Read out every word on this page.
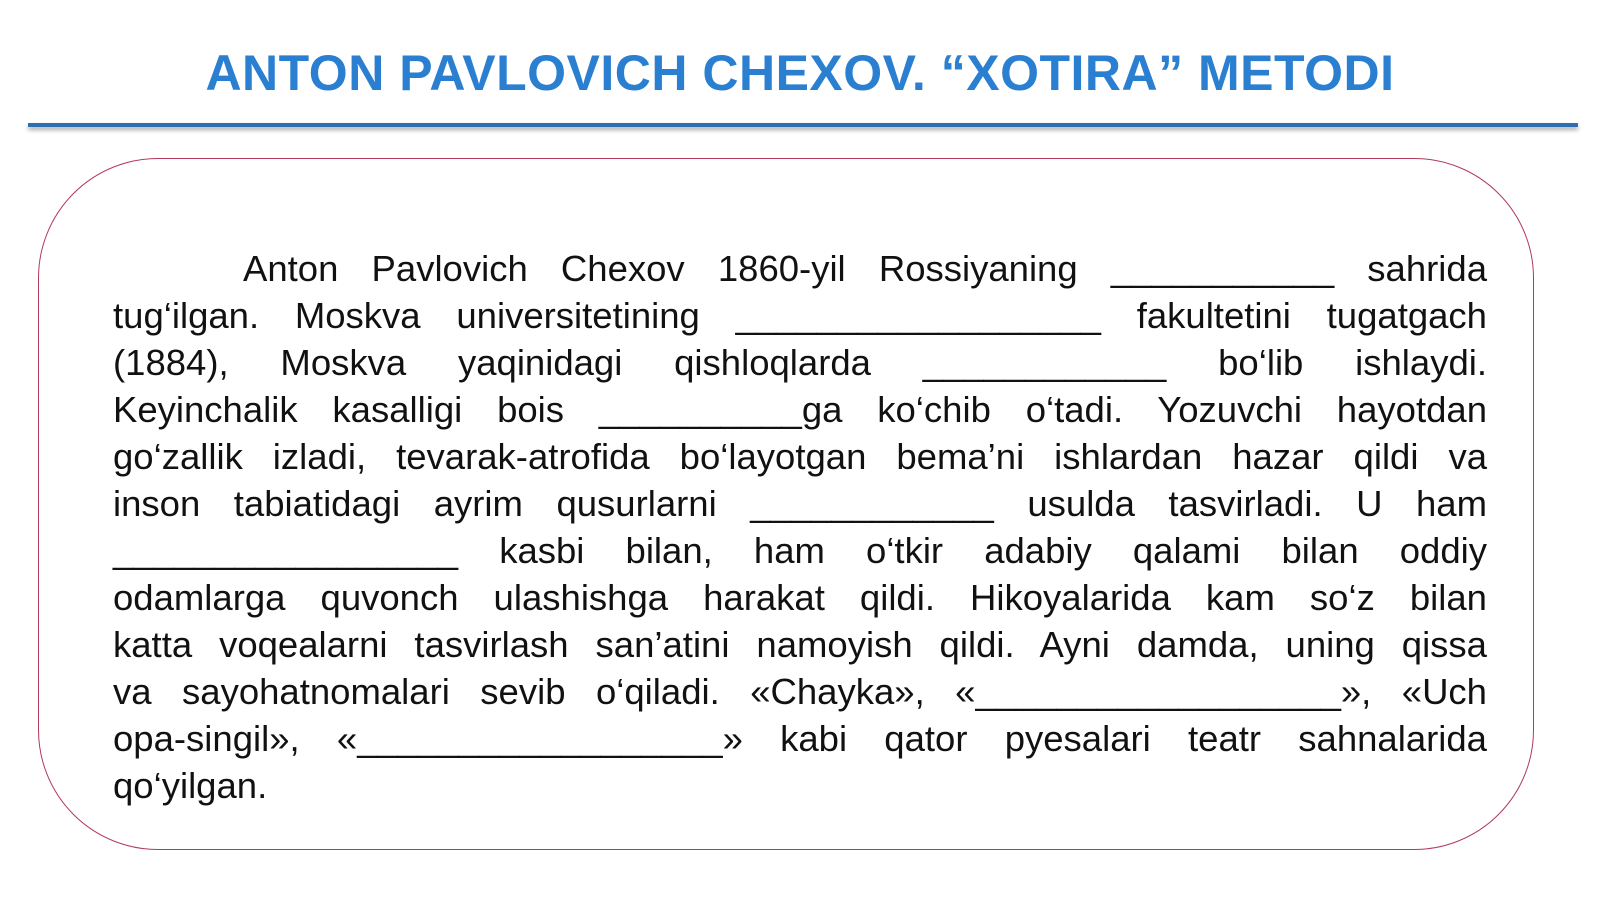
ANTON PAVLOVICH CHEXOV. “XOTIRA” METODI
Anton Pavlovich Chexov 1860-yil Rossiyaning ___________ sahrida
tug‘ilgan. Moskva universitetining __________________ fakultetini tugatgach
(1884), Moskva yaqinidagi qishloqlarda ____________ bo‘lib ishlaydi.
Keyinchalik kasalligi bois __________ga ko‘chib o‘tadi. Yozuvchi hayotdan
go‘zallik izladi, tevarak-atrofida bo‘layotgan bema’ni ishlardan hazar qildi va
inson tabiatidagi ayrim qusurlarni ____________ usulda tasvirladi. U ham
_________________ kasbi bilan, ham o‘tkir adabiy qalami bilan oddiy
odamlarga quvonch ulashishga harakat qildi. Hikoyalarida kam so‘z bilan
katta voqealarni tasvirlash san’atini namoyish qildi. Ayni damda, uning qissa
va sayohatnomalari sevib o‘qiladi. «Chayka», «__________________», «Uch
opa-singil», «__________________» kabi qator pyesalari teatr sahnalarida
qo‘yilgan.
